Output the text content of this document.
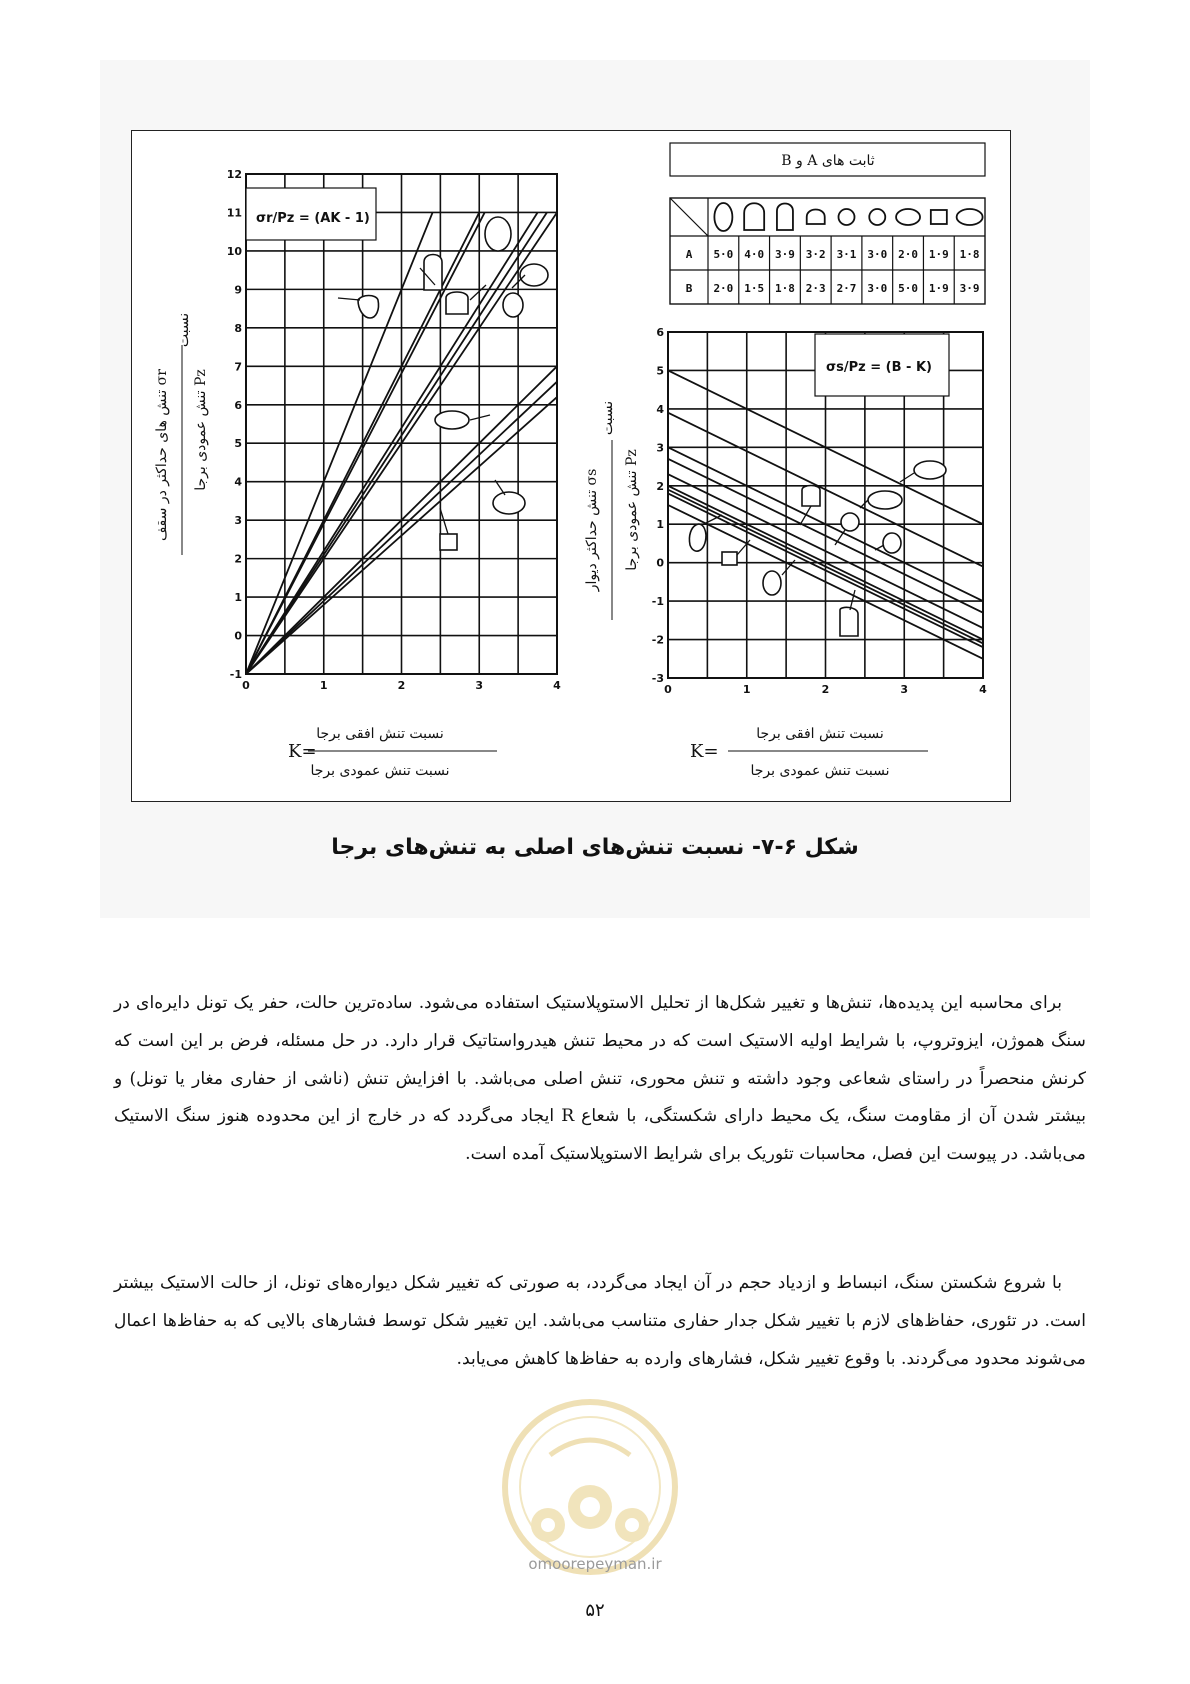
0	1	2	3	4
-1
0
1
2
3
4
5
6
7
8
9
10
11
12
σr/Pz = (AK - 1)
نسبت
تنش های حداکثر در سقف σr
تنش عمودی برجا Pz
K=
نسبت تنش افقی برجا
نسبت تنش عمودی برجا
ثابت های A و B
A 5·0 4·0 3·9 3·2 3·1 3·0 2·0 1·9 1·8
B 2·0 1·5 1·8 2·3 2·7 3·0 5·0 1·9 3·9
0	1	2	3	4
-3
-2
-1
0
1
2
3
4
5
6
σs/Pz = (B - K)
نسبت
تنش حداکثر دیوار σs تنش عمودی برجا Pz
K=
نسبت تنش افقی برجا
نسبت تنش عمودی برجا
شکل ۶-۷- نسبت تنش‌های اصلی به تنش‌های برجا

برای محاسبه این پدیده‌ها، تنش‌ها و تغییر شکل‌ها از تحلیل الاستوپلاستیک استفاده می‌شود. ساده‌ترین حالت، حفر یک تونل دایره‌ای در سنگ هموژن، ایزوتروپ، با شرایط اولیه الاستیک است که در محیط تنش هیدرواستاتیک قرار دارد. در حل مسئله، فرض بر این است که کرنش منحصراً در راستای شعاعی وجود داشته و تنش محوری، تنش اصلی می‌باشد. با افزایش تنش (ناشی از حفاری مغار یا تونل) و بیشتر شدن آن از مقاومت سنگ، یک محیط دارای شکستگی، با شعاع R ایجاد می‌گردد که در خارج از این محدوده هنوز سنگ الاستیک می‌باشد. در پیوست این فصل، محاسبات تئوریک برای شرایط الاستوپلاستیک آمده است.

با شروع شکستن سنگ، انبساط و ازدیاد حجم در آن ایجاد می‌گردد، به صورتی که تغییر شکل دیواره‌های تونل، از حالت الاستیک بیشتر است. در تئوری، حفاظ‌های لازم با تغییر شکل جدار حفاری متناسب می‌باشد. این تغییر شکل توسط فشارهای بالایی که به حفاظ‌ها اعمال می‌شوند محدود می‌گردند. با وقوع تغییر شکل، فشارهای وارده به حفاظ‌ها کاهش می‌یابد.

omoorepeyman.ir
۵۲
